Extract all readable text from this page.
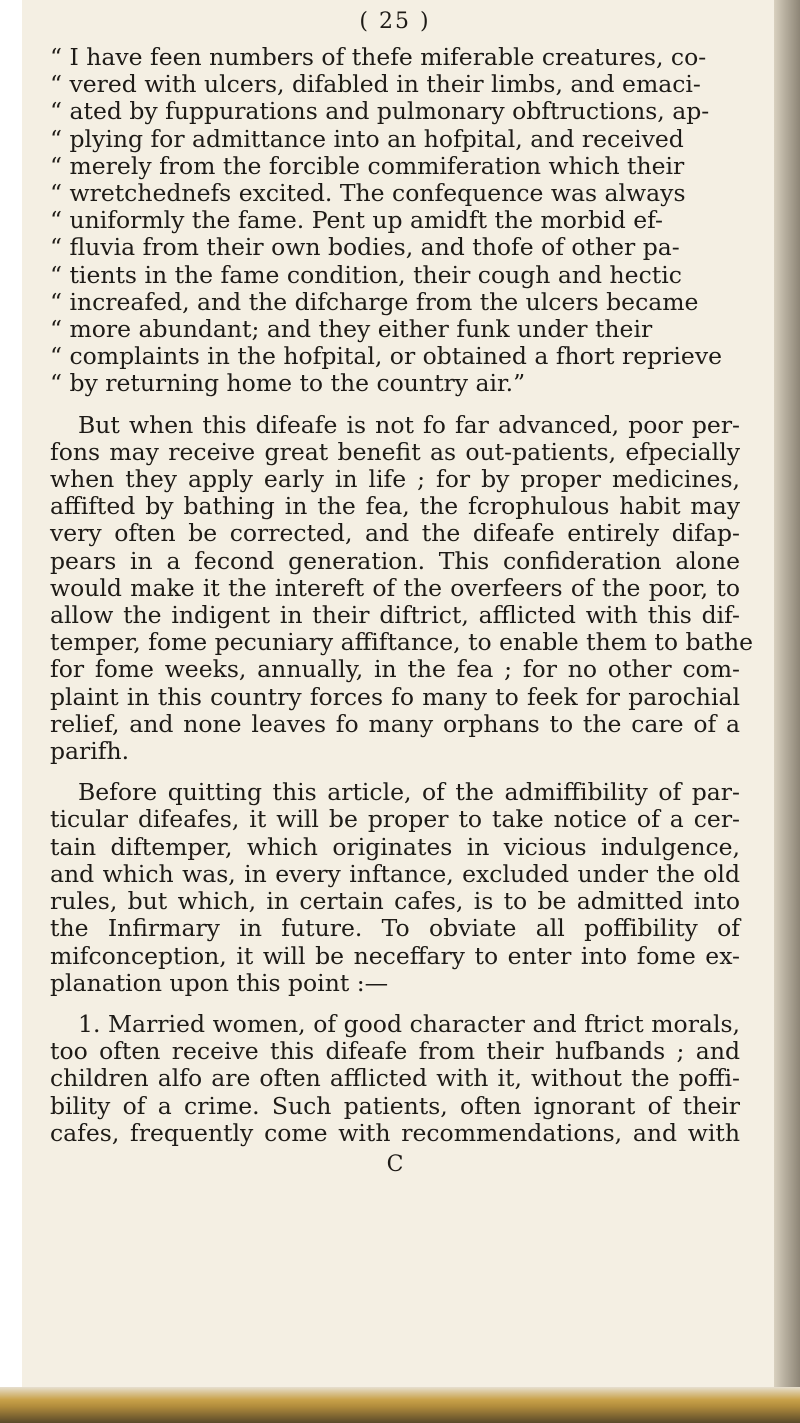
( 25 )
“ I have feen numbers of thefe miferable creatures, co-
“ vered with ulcers, difabled in their limbs, and emaci-
“ ated by fuppurations and pulmonary obftructions, ap-
“ plying for admittance into an hofpital, and received
“ merely from the forcible commiferation which their
“ wretchednefs excited. The confequence was always
“ uniformly the fame. Pent up amidft the morbid ef-
“ fluvia from their own bodies, and thofe of other pa-
“ tients in the fame condition, their cough and hectic
“ increafed, and the difcharge from the ulcers became
“ more abundant; and they either funk under their
“ complaints in the hofpital, or obtained a fhort reprieve
“ by returning home to the country air.”
But when this difeafe is not fo far advanced, poor per-
fons may receive great benefit as out-patients, efpecially
when they apply early in life ; for by proper medicines,
affifted by bathing in the fea, the fcrophulous habit may
very often be corrected, and the difeafe entirely difap-
pears in a fecond generation. This confideration alone
would make it the intereft of the overfeers of the poor, to
allow the indigent in their diftrict, afflicted with this dif-
temper, fome pecuniary affiftance, to enable them to bathe
for fome weeks, annually, in the fea ; for no other com-
plaint in this country forces fo many to feek for parochial
relief, and none leaves fo many orphans to the care of a
parifh.
Before quitting this article, of the admiffibility of par-
ticular difeafes, it will be proper to take notice of a cer-
tain diftemper, which originates in vicious indulgence,
and which was, in every inftance, excluded under the old
rules, but which, in certain cafes, is to be admitted into
the Infirmary in future. To obviate all poffibility of
mifconception, it will be neceffary to enter into fome ex-
planation upon this point :—
1. Married women, of good character and ftrict morals,
too often receive this difeafe from their hufbands ; and
children alfo are often afflicted with it, without the poffi-
bility of a crime. Such patients, often ignorant of their
cafes, frequently come with recommendations, and with
C
